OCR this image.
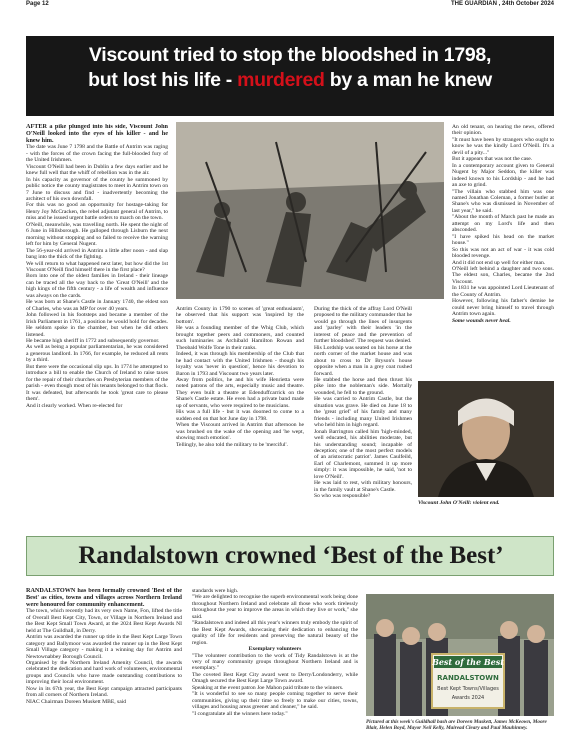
Page 12	THE GUARDIAN , 24th October 2024
Viscount tried to stop the bloodshed in 1798,
but lost his life - murdered by a man he knew

AFTER a pike plunged into his side, Viscount John O'Neill looked into the eyes of his killer - and he knew him.

The date was June 7 1798 and the Battle of Antrim was raging - with the forces of the crown facing the full-blooded fury of the United Irishmen.

Viscount O'Neill had been in Dublin a few days earlier and he knew full well that the whiff of rebellion was in the air.

In his capacity as governor of the county he summoned by public notice the county magistrates to meet in Antrim town on 7 June to discuss and find - inadvertently becoming the architect of his own downfall.

For this was no good an opportunity for hostage-taking for Henry Joy McCracken, the rebel adjutant general of Antrim, to miss and he issued urgent battle orders to march on the town.

O'Neill, meanwhile, was travelling north. He spent the night of 6 June in Hillsborough. He galloped through Lisburn the next morning without stopping and so failed to receive the warning left for him by General Nugent.

The 56-year-old arrived in Antrim a little after noon - and slap bang into the thick of the fighting.

We will return to what happened next later, but how did the 1st Viscount O'Neill find himself there in the first place?

Born into one of the oldest families in Ireland - their lineage can be traced all the way back to the 'Great O'Neill' and the high kings of the fifth century - a life of wealth and influence was always on the cards.

He was born at Shane's Castle in January 1740, the eldest son of Charles, who was an MP for over 40 years.

John followed in his footsteps and became a member of the Irish Parliament in 1761, a position he would hold for decades. He seldom spoke in the chamber, but when he did others listened.

He became high sheriff in 1772 and subsequently governor.

As well as being a popular parliamentarian, he was considered a generous landlord. In 1766, for example, he reduced all rents by a third.

But there were the occasional slip ups. In 1774 he attempted to introduce a bill to enable the Church of Ireland to raise taxes for the repair of their churches on Presbyterian members of the parish - even though most of his tenants belonged to that flock. It was defeated, but afterwards he took 'great care to please them'.

And it clearly worked. When re-elected for

Antrim County in 1790 to scenes of 'great enthusiasm', he observed that his support was 'inspired by the bottom'.

He was a founding member of the Whig Club, which brought together peers and commoners, and counted such luminaries as Archibald Hamilton Rowan and Theobald Wolfe Tone in their ranks.

Indeed, it was through his membership of the Club that he had contact with the United Irishmen - though his loyalty was 'never in question', hence his devotion to Baron in 1793 and Viscount two years later.

Away from politics, he and his wife Henrietta were noted patrons of the arts, especially music and theatre. They even built a theatre at Edenduffcarrick on the Shane's Castle estate. He even had a private band made up of servants, who were required to be musicians.

His was a full life - but it was doomed to come to a sudden end on that hot June day in 1798.

When the Viscount arrived in Antrim that afternoon he was brushed on the wake of the opening and 'he wept, showing much emotion'.

Tellingly, he also told the military to be 'merciful'.

During the thick of the affray Lord O'Neill proposed to the military commander that he would go through the lines of insurgents and 'parley' with their leaders 'in the interest of peace and the prevention of further bloodshed'. The request was denied.

His Lordship was seated on his horse at the north corner of the market house and was about to cross to Dr Bryson's house opposite when a man in a grey coat rushed forward.

He stabbed the horse and then thrust his pike into the nobleman's side. Mortally wounded, he fell to the ground.

He was carried to Antrim Castle, but the situation was grave. He died on June 18 to the 'great grief' of his family and many friends - including many United Irishmen who held him in high regard.

Jonah Barrington called him 'high-minded, well educated, his abilities moderate, but his understanding sound; incapable of deception; one of the most perfect models of an aristocratic patriot'. James Caulfeild, Earl of Charlemont, summed it up more simply: it was impossible, he said, 'not to love O'Neill'.

He was laid to rest, with military honours, in the family vault at Shane's Castle.

So who was responsible?

An old tenant, on hearing the news, offered their opinion.

"It must have been by strangers who ought to know he was the kindly Lord O'Neill. It's a devil of a pity..."

But it appears that was not the case.

In a contemporary account given to General Nugent by Major Seddon, the killer was indeed known to his Lordship - and he had an axe to grind.

"The villain who stabbed him was one named Jonathan Coleman, a former butler at Shane's who was dismissed in November of last year," he said.

"About the month of March past he made an attempt on my Lord's life and then absconded.

"I have spiked his head on the market house."

So this was not an act of war - it was cold blooded revenge.

And it did not end up well for either man.

O'Neill left behind a daughter and two sons. The eldest son, Charles, became the 2nd Viscount.

In 1831 he was appointed Lord Lieutenant of the County of Antrim.

However, following his father's demise he could never bring himself to travel through Antrim town again.

Some wounds never heal.

Viscount John O'Neill: violent end.
Randalstown crowned ‘Best of the Best’

RANDALSTOWN has been formally crowned 'Best of the Best' as cities, towns and villages across Northern Ireland were honoured for community enhancement.

The town, which recently had its very own Name, Fon, lifted the title of Overall Best Kept City, Town, or Village in Northern Ireland and the Best Kept Small Town Award, at the 2024 Best Kept Awards NI held at The Guildhall, in Derry.

Antrim was awarded the runner up title in the Best Kept Large Town category and Ballymoor was awarded the runner up in the Best Kept Small Village category - making it a winning day for Antrim and Newtownabbey Borough Council.

Organised by the Northern Ireland Amenity Council, the awards celebrated the dedication and hard work of volunteers, environmental groups and Councils who have made outstanding contributions to improving their local environment.

Now in its 67th year, the Best Kept campaign attracted participants from all corners of Northern Ireland.

NIAC Chairman Doreen Muskett MBE, said

standards were high.

"We are delighted to recognise the superb environmental work being done throughout Northern Ireland and celebrate all those who work tirelessly throughout the year to improve the areas in which they live or work," she said.

"Randalstown and indeed all this year's winners truly embody the spirit of the Best Kept Awards, showcasing their dedication to enhancing the quality of life for residents and preserving the natural beauty of the region.

Exemplary volunteers

"The volunteer contribution to the work of Tidy Randalstown is at the very of many community groups throughout Northern Ireland and is exemplary."

The coveted Best Kept City award went to Derry/Londonderry, while Omagh secured the Best Kept Large Town award.

Speaking at the event patron Joe Mahon paid tribute to the winners.

"It is wonderful to see so many people coming together to serve their communities, giving up their time so freely to make our cities, towns, villages and housing areas greener and cleaner," he said.

"I congratulate all the winners here today."

Best of the Best
RANDALSTOWN
Best Kept Towns/Villages
Awards 2024
Pictured at this week's Guildhall bash are Doreen Muskett, James McKeown, Moore Blair, Helen Boyd, Mayor Neil Kelly, Mairead Cleary and Paul Mauhinney.
